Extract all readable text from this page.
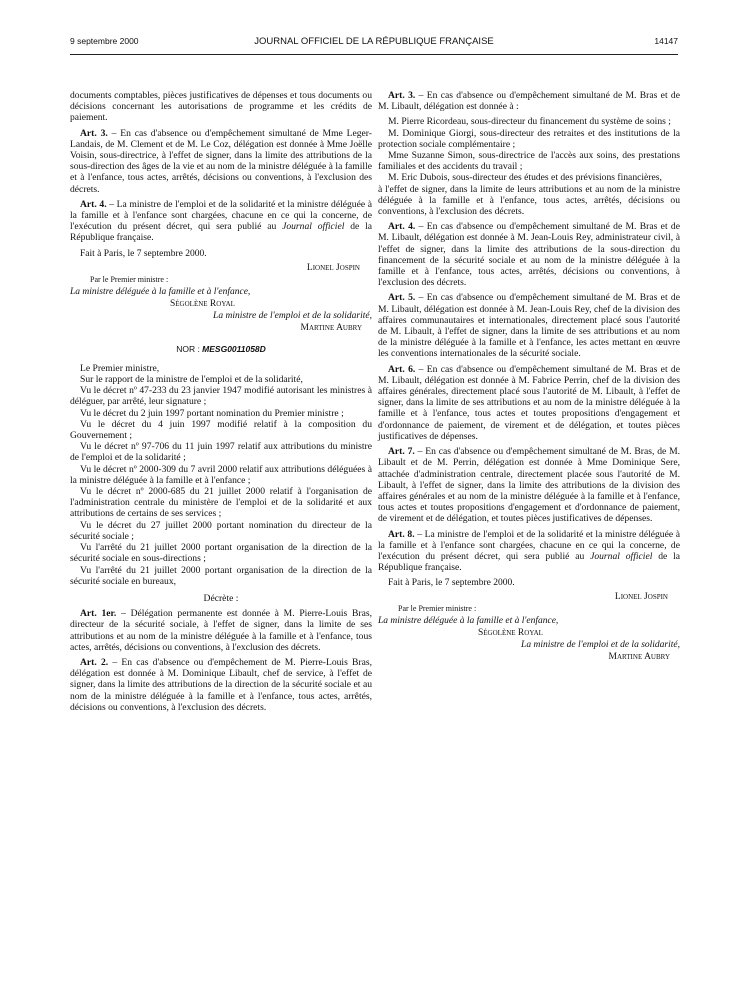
9 septembre 2000	JOURNAL OFFICIEL DE LA RÉPUBLIQUE FRANÇAISE	14147

documents comptables, pièces justificatives de dépenses et tous documents ou décisions concernant les autorisations de programme et les crédits de paiement.

Art. 3. – En cas d'absence ou d'empêchement simultané de Mme Leger-Landais, de M. Clement et de M. Le Coz, délégation est donnée à Mme Joëlle Voisin, sous-directrice, à l'effet de signer, dans la limite des attributions de la sous-direction des âges de la vie et au nom de la ministre déléguée à la famille et à l'enfance, tous actes, arrêtés, décisions ou conventions, à l'exclusion des décrets.

Art. 4. – La ministre de l'emploi et de la solidarité et la ministre déléguée à la famille et à l'enfance sont chargées, chacune en ce qui la concerne, de l'exécution du présent décret, qui sera publié au Journal officiel de la République française.

Fait à Paris, le 7 septembre 2000.

Lionel Jospin
Par le Premier ministre :
La ministre déléguée à la famille et à l'enfance,
Ségolène Royal
La ministre de l'emploi et de la solidarité,
Martine Aubry
NOR : MESG0011058D

Le Premier ministre,

Sur le rapport de la ministre de l'emploi et de la solidarité,

Vu le décret nº 47-233 du 23 janvier 1947 modifié autorisant les ministres à déléguer, par arrêté, leur signature ;

Vu le décret du 2 juin 1997 portant nomination du Premier ministre ;

Vu le décret du 4 juin 1997 modifié relatif à la composition du Gouvernement ;

Vu le décret nº 97-706 du 11 juin 1997 relatif aux attributions du ministre de l'emploi et de la solidarité ;

Vu le décret nº 2000-309 du 7 avril 2000 relatif aux attributions déléguées à la ministre déléguée à la famille et à l'enfance ;

Vu le décret nº 2000-685 du 21 juillet 2000 relatif à l'organisation de l'administration centrale du ministère de l'emploi et de la solidarité et aux attributions de certains de ses services ;

Vu le décret du 27 juillet 2000 portant nomination du directeur de la sécurité sociale ;

Vu l'arrêté du 21 juillet 2000 portant organisation de la direction de la sécurité sociale en sous-directions ;

Vu l'arrêté du 21 juillet 2000 portant organisation de la direction de la sécurité sociale en bureaux,

Décrète :

Art. 1er. – Délégation permanente est donnée à M. Pierre-Louis Bras, directeur de la sécurité sociale, à l'effet de signer, dans la limite de ses attributions et au nom de la ministre déléguée à la famille et à l'enfance, tous actes, arrêtés, décisions ou conventions, à l'exclusion des décrets.

Art. 2. – En cas d'absence ou d'empêchement de M. Pierre-Louis Bras, délégation est donnée à M. Dominique Libault, chef de service, à l'effet de signer, dans la limite des attributions de la direction de la sécurité sociale et au nom de la ministre déléguée à la famille et à l'enfance, tous actes, arrêtés, décisions ou conventions, à l'exclusion des décrets.

Art. 3. – En cas d'absence ou d'empêchement simultané de M. Bras et de M. Libault, délégation est donnée à :

M. Pierre Ricordeau, sous-directeur du financement du système de soins ;

M. Dominique Giorgi, sous-directeur des retraites et des institutions de la protection sociale complémentaire ;

Mme Suzanne Simon, sous-directrice de l'accès aux soins, des prestations familiales et des accidents du travail ;

M. Eric Dubois, sous-directeur des études et des prévisions financières,

à l'effet de signer, dans la limite de leurs attributions et au nom de la ministre déléguée à la famille et à l'enfance, tous actes, arrêtés, décisions ou conventions, à l'exclusion des décrets.

Art. 4. – En cas d'absence ou d'empêchement simultané de M. Bras et de M. Libault, délégation est donnée à M. Jean-Louis Rey, administrateur civil, à l'effet de signer, dans la limite des attributions de la sous-direction du financement de la sécurité sociale et au nom de la ministre déléguée à la famille et à l'enfance, tous actes, arrêtés, décisions ou conventions, à l'exclusion des décrets.

Art. 5. – En cas d'absence ou d'empêchement simultané de M. Bras et de M. Libault, délégation est donnée à M. Jean-Louis Rey, chef de la division des affaires communautaires et internationales, directement placé sous l'autorité de M. Libault, à l'effet de signer, dans la limite de ses attributions et au nom de la ministre déléguée à la famille et à l'enfance, les actes mettant en œuvre les conventions internationales de la sécurité sociale.

Art. 6. – En cas d'absence ou d'empêchement simultané de M. Bras et de M. Libault, délégation est donnée à M. Fabrice Perrin, chef de la division des affaires générales, directement placé sous l'autorité de M. Libault, à l'effet de signer, dans la limite de ses attributions et au nom de la ministre déléguée à la famille et à l'enfance, tous actes et toutes propositions d'engagement et d'ordonnance de paiement, de virement et de délégation, et toutes pièces justificatives de dépenses.

Art. 7. – En cas d'absence ou d'empêchement simultané de M. Bras, de M. Libault et de M. Perrin, délégation est donnée à Mme Dominique Sere, attachée d'administration centrale, directement placée sous l'autorité de M. Libault, à l'effet de signer, dans la limite des attributions de la division des affaires générales et au nom de la ministre déléguée à la famille et à l'enfance, tous actes et toutes propositions d'engagement et d'ordonnance de paiement, de virement et de délégation, et toutes pièces justificatives de dépenses.

Art. 8. – La ministre de l'emploi et de la solidarité et la ministre déléguée à la famille et à l'enfance sont chargées, chacune en ce qui la concerne, de l'exécution du présent décret, qui sera publié au Journal officiel de la République française.

Fait à Paris, le 7 septembre 2000.

Lionel Jospin
Par le Premier ministre :
La ministre déléguée à la famille et à l'enfance,
Ségolène Royal
La ministre de l'emploi et de la solidarité,
Martine Aubry
